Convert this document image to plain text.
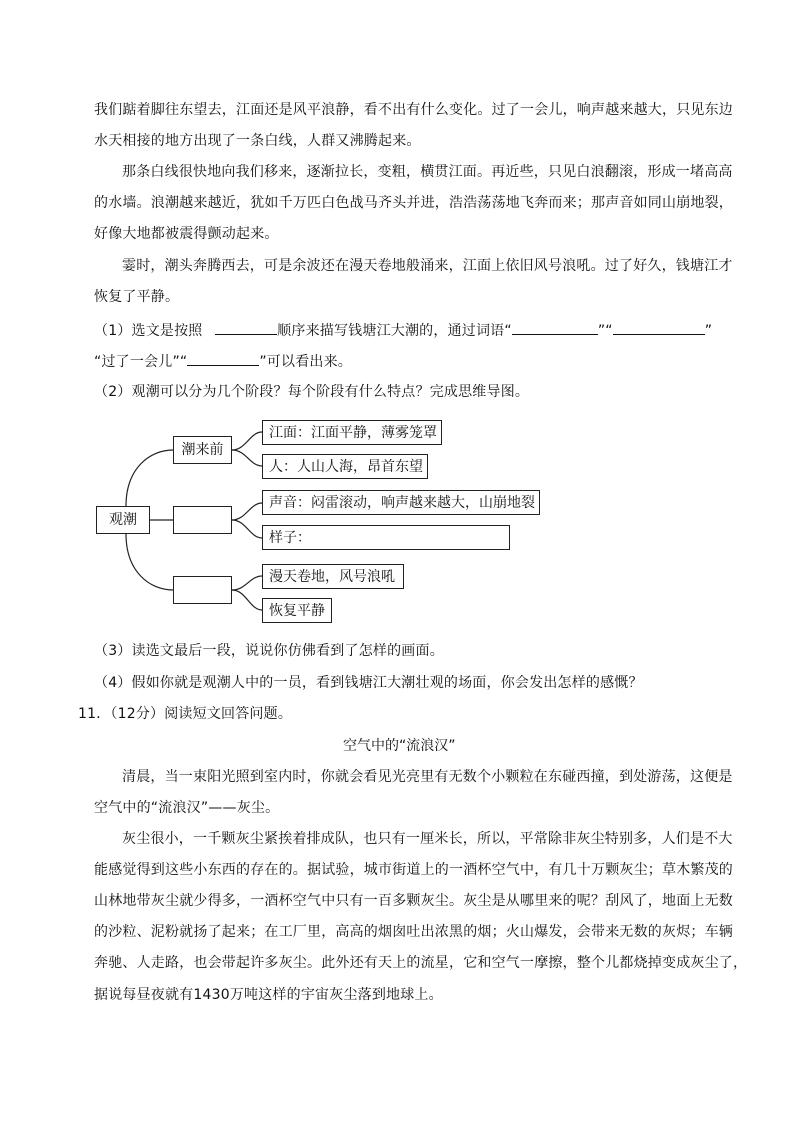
我们踮着脚往东望去，江面还是风平浪静，看不出有什么变化。过了一会儿，响声越来越大，只见东边
水天相接的地方出现了一条白线，人群又沸腾起来。
那条白线很快地向我们移来，逐渐拉长，变粗，横贯江面。再近些，只见白浪翻滚，形成一堵高高
的水墙。浪潮越来越近，犹如千万匹白色战马齐头并进，浩浩荡荡地飞奔而来；那声音如同山崩地裂，
好像大地都被震得颤动起来。
霎时，潮头奔腾西去，可是余波还在漫天卷地般涌来，江面上依旧风号浪吼。过了好久，钱塘江才
恢复了平静。
（1）选文是按照	顺序来描写钱塘江大潮的，通过词语“	”“	”
“过了一会儿”“	”可以看出来。
（2）观潮可以分为几个阶段？每个阶段有什么特点？完成思维导图。
观潮
潮来前
江面：江面平静，薄雾笼罩
人：人山人海，昂首东望
声音：闷雷滚动，响声越来越大，山崩地裂
样子：
漫天卷地，风号浪吼
恢复平静
（3）读选文最后一段，说说你仿佛看到了怎样的画面。
（4）假如你就是观潮人中的一员，看到钱塘江大潮壮观的场面，你会发出怎样的感慨？
11．（12分）阅读短文回答问题。
空气中的“流浪汉”
清晨，当一束阳光照到室内时，你就会看见光亮里有无数个小颗粒在东碰西撞，到处游荡，这便是
空气中的“流浪汉”——灰尘。
灰尘很小，一千颗灰尘紧挨着排成队，也只有一厘米长，所以，平常除非灰尘特别多，人们是不大
能感觉得到这些小东西的存在的。据试验，城市街道上的一酒杯空气中，有几十万颗灰尘；草木繁茂的
山林地带灰尘就少得多，一酒杯空气中只有一百多颗灰尘。灰尘是从哪里来的呢？刮风了，地面上无数
的沙粒、泥粉就扬了起来；在工厂里，高高的烟囱吐出浓黑的烟；火山爆发，会带来无数的灰烬；车辆
奔驰、人走路，也会带起许多灰尘。此外还有天上的流星，它和空气一摩擦，整个儿都烧掉变成灰尘了，
据说每昼夜就有1430万吨这样的宇宙灰尘落到地球上。
